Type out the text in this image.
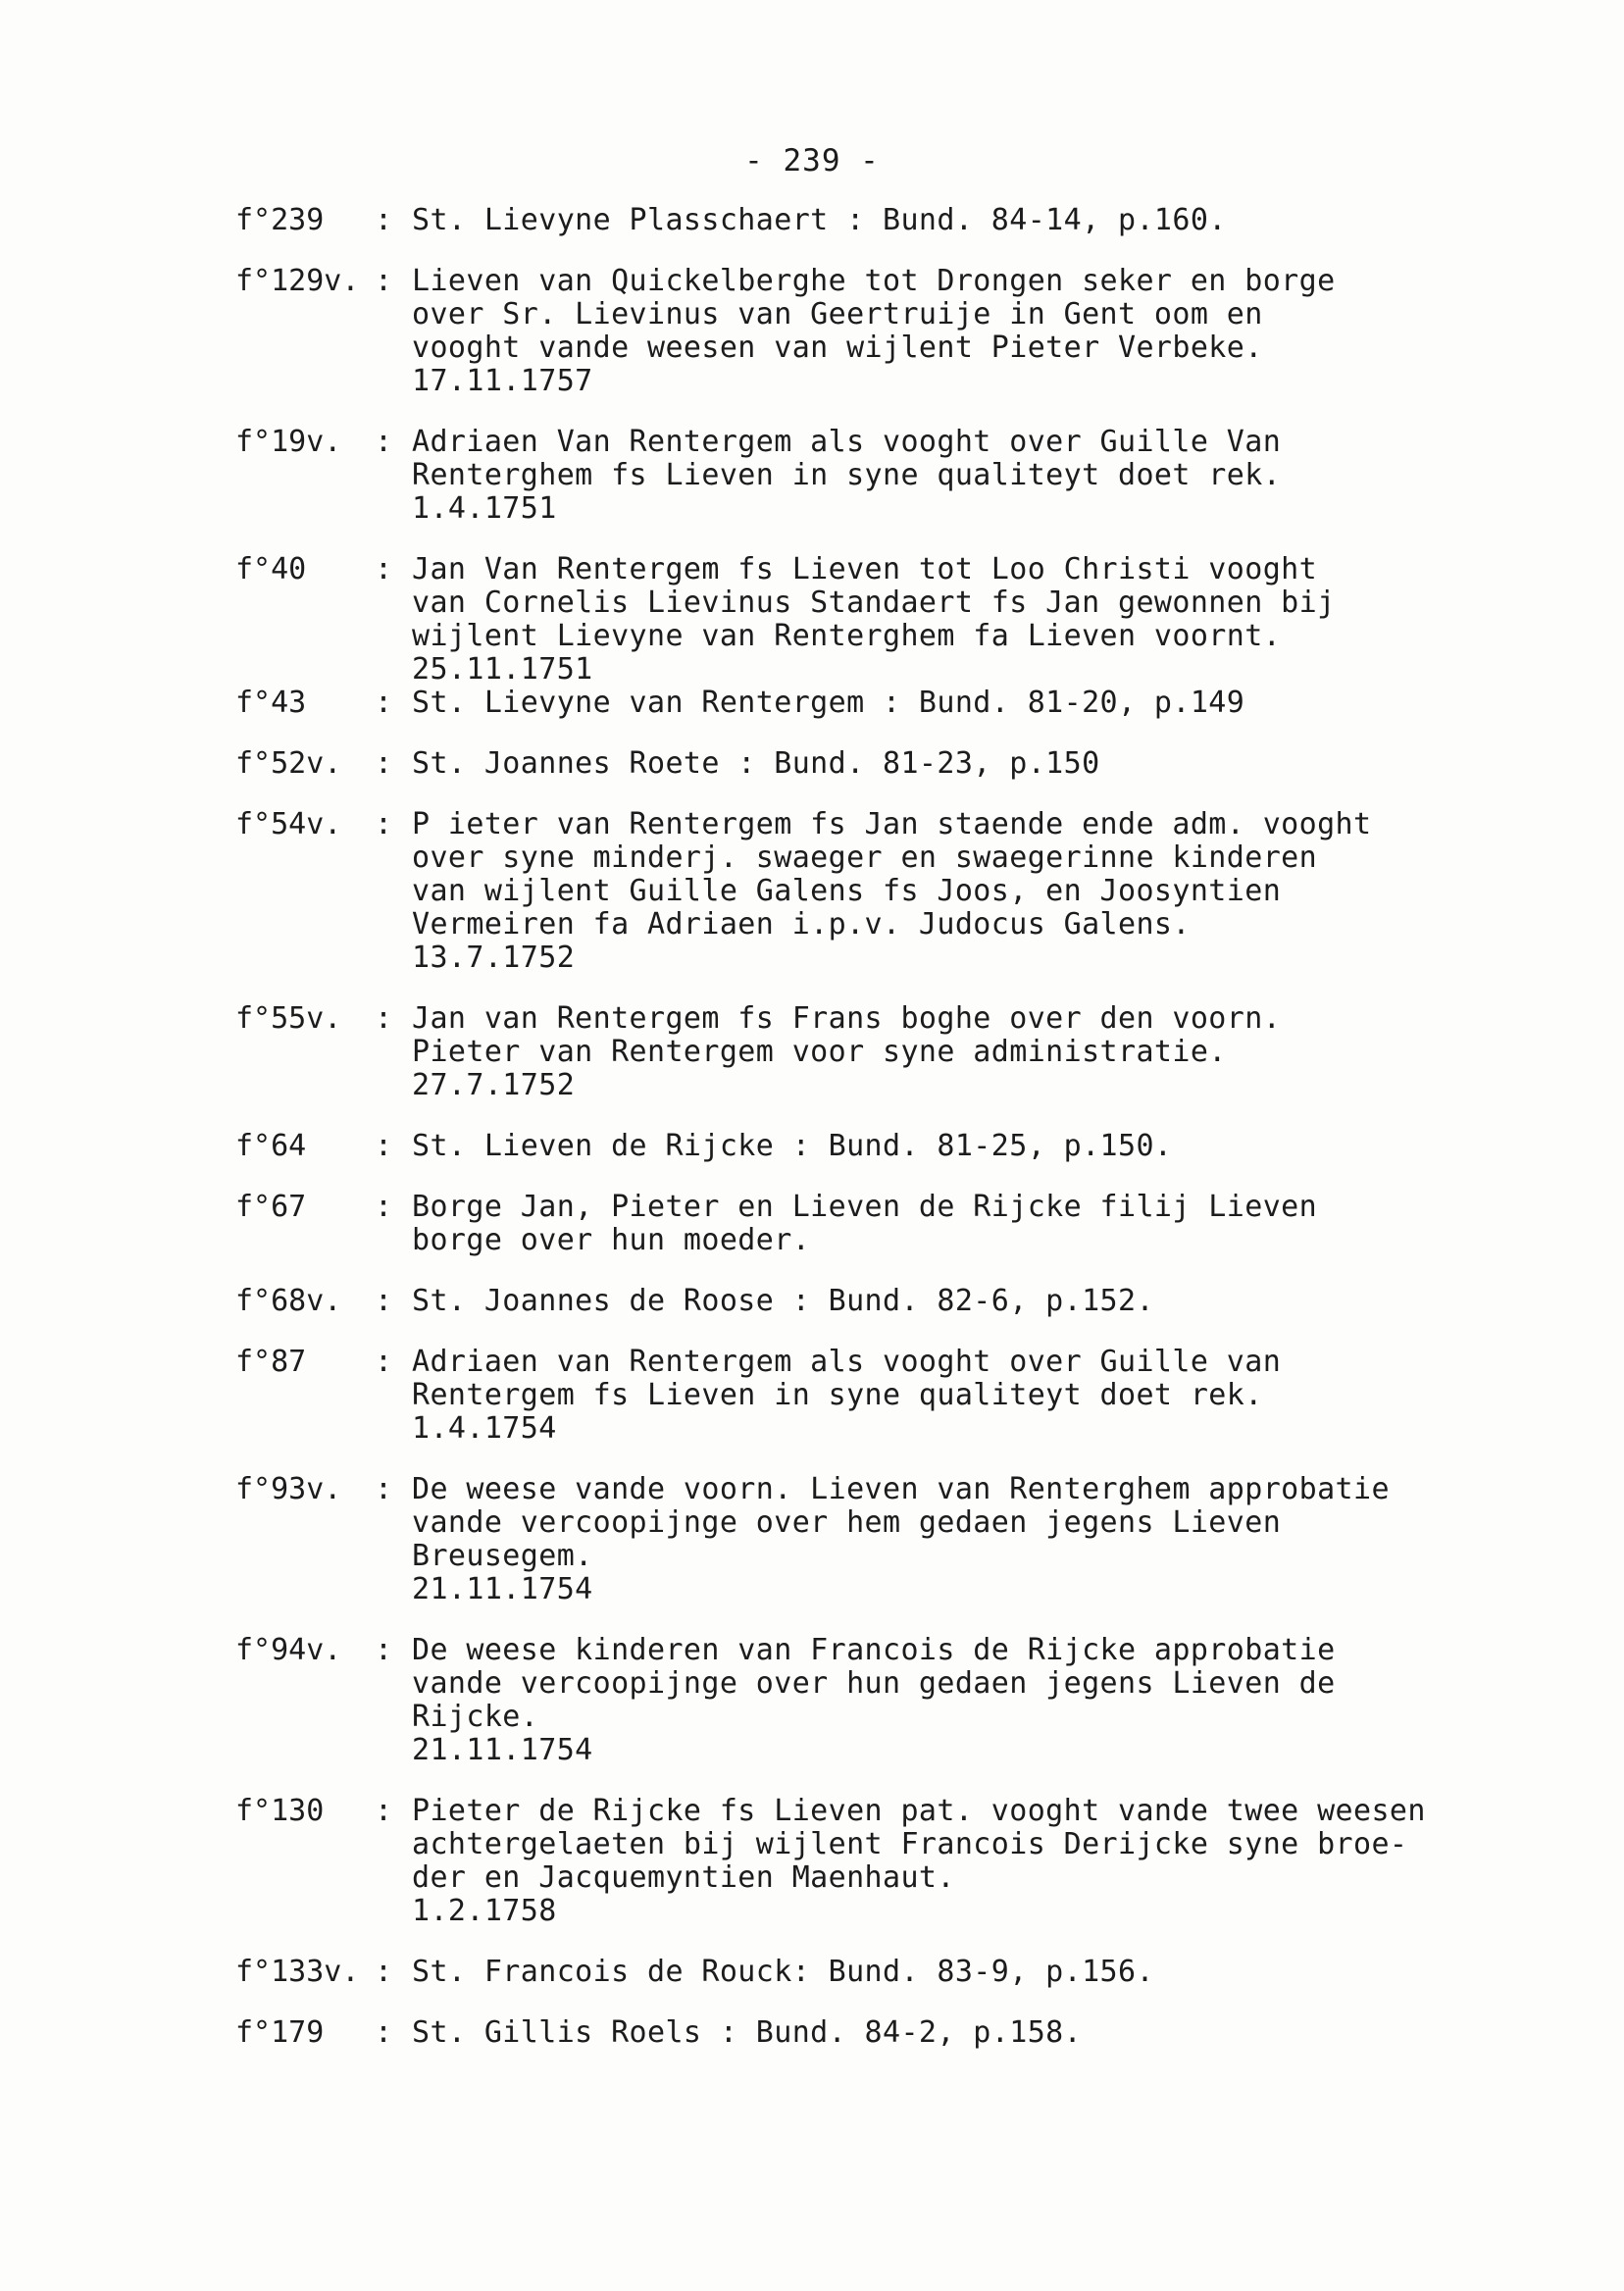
- 239 -
f°239	: St. Lievyne Plasschaert : Bund. 84-14, p.160.
f°129v. : Lieven van Quickelberghe tot Drongen seker en borge
over Sr. Lievinus van Geertruije in Gent oom en
vooght vande weesen van wijlent Pieter Verbeke.
17.11.1757
f°19v.	: Adriaen Van Rentergem als vooght over Guille Van
Renterghem fs Lieven in syne qualiteyt doet rek.
1.4.1751
f°40	: Jan Van Rentergem fs Lieven tot Loo Christi vooght
van Cornelis Lievinus Standaert fs Jan gewonnen bij
wijlent Lievyne van Renterghem fa Lieven voornt.
25.11.1751
f°43	: St. Lievyne van Rentergem : Bund. 81-20, p.149
f°52v.	: St. Joannes Roete : Bund. 81-23, p.150
f°54v.	: P ieter van Rentergem fs Jan staende ende adm. vooght
over syne minderj. swaeger en swaegerinne kinderen
van wijlent Guille Galens fs Joos, en Joosyntien
Vermeiren fa Adriaen i.p.v. Judocus Galens.
13.7.1752
f°55v.	: Jan van Rentergem fs Frans boghe over den voorn.
Pieter van Rentergem voor syne administratie.
27.7.1752
f°64	: St. Lieven de Rijcke : Bund. 81-25, p.150.
f°67	: Borge Jan, Pieter en Lieven de Rijcke filij Lieven
borge over hun moeder.
f°68v.	: St. Joannes de Roose : Bund. 82-6, p.152.
f°87	: Adriaen van Rentergem als vooght over Guille van
Rentergem fs Lieven in syne qualiteyt doet rek.
1.4.1754
f°93v.	: De weese vande voorn. Lieven van Renterghem approbatie
vande vercoopijnge over hem gedaen jegens Lieven
Breusegem.
21.11.1754
f°94v.	: De weese kinderen van Francois de Rijcke approbatie
vande vercoopijnge over hun gedaen jegens Lieven de
Rijcke.
21.11.1754
f°130	: Pieter de Rijcke fs Lieven pat. vooght vande twee weesen
achtergelaeten bij wijlent Francois Derijcke syne broe-
der en Jacquemyntien Maenhaut.
1.2.1758
f°133v. : St. Francois de Rouck: Bund. 83-9, p.156.
f°179	: St. Gillis Roels : Bund. 84-2, p.158.
